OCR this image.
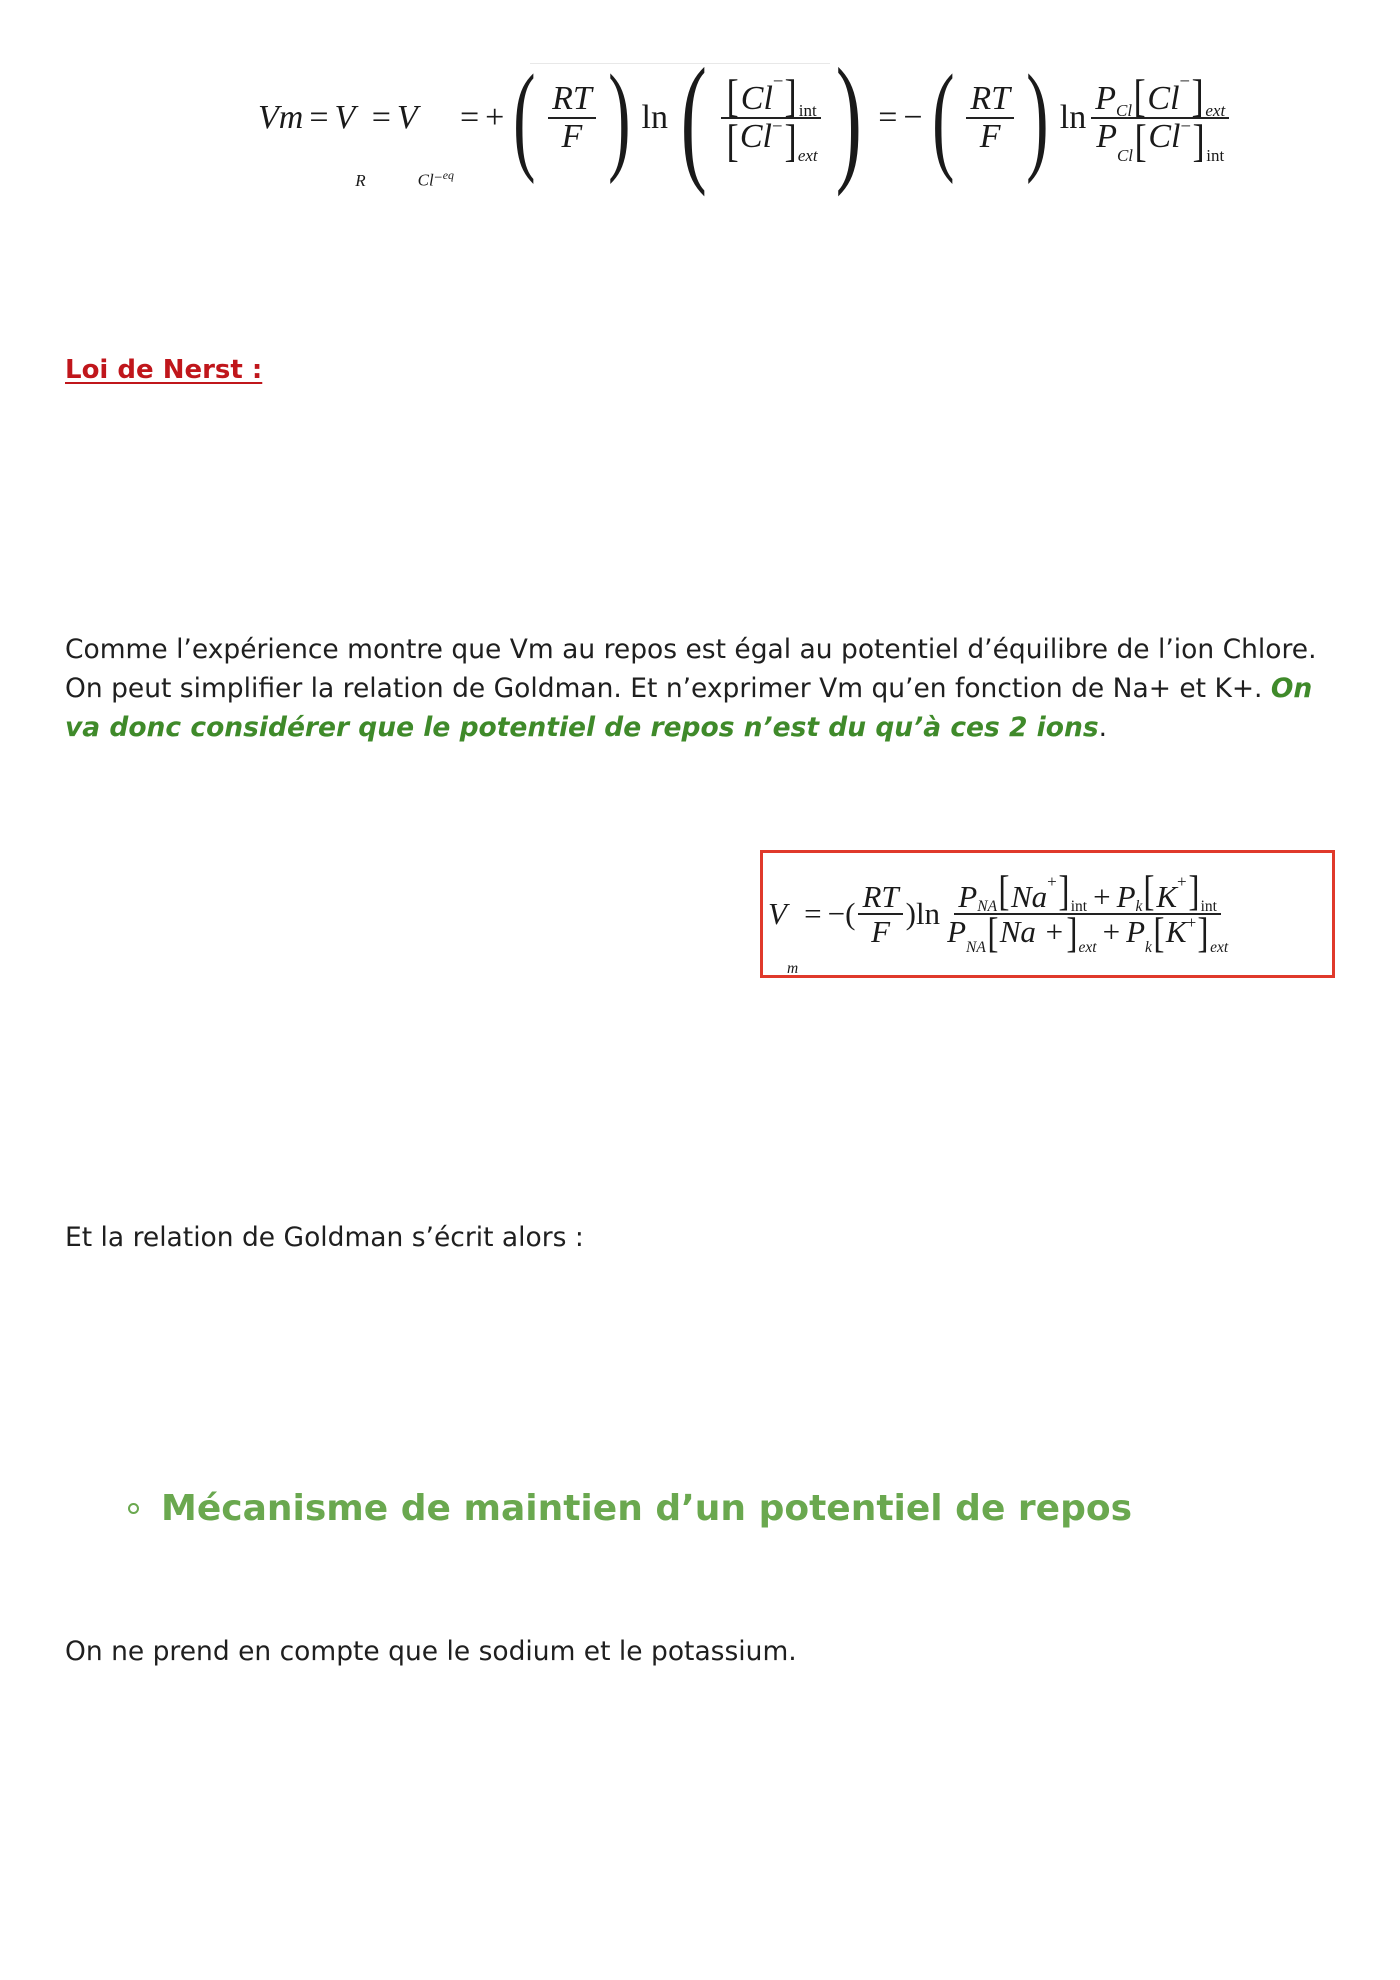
Vm = V
R
= V
Cl⁻$^{eq}$
= + ( $\frac{RT}{F}$ ) ln ( $\frac{\text{[ Cl − ] int}}{\text{[ Cl − ] ext}}$ ) = − ( $\frac{RT}{F}$ ) ln P Cl [ Cl − ] ext
P
Cl [ Cl − ] int
Loi de Nerst :

Comme l’expérience montre que Vm au repos est égal au potentiel d’équilibre de l’ion Chlore. On peut simplifier la relation de Goldman. Et n’exprimer Vm qu’en fonction de Na+ et K+. On va donc considérer que le potentiel de repos n’est du qu’à ces 2 ions.

V
m
= −( $\frac{RT}{F} )\ln \frac{\text{P NA [ Na + ] int + P k [ K + ] int}}{\text{P NA [ Na + ] ext + P k [ K + ] ext}}$

Et la relation de Goldman s’écrit alors :

Mécanisme de maintien d’un potentiel de repos

On ne prend en compte que le sodium et le potassium.
